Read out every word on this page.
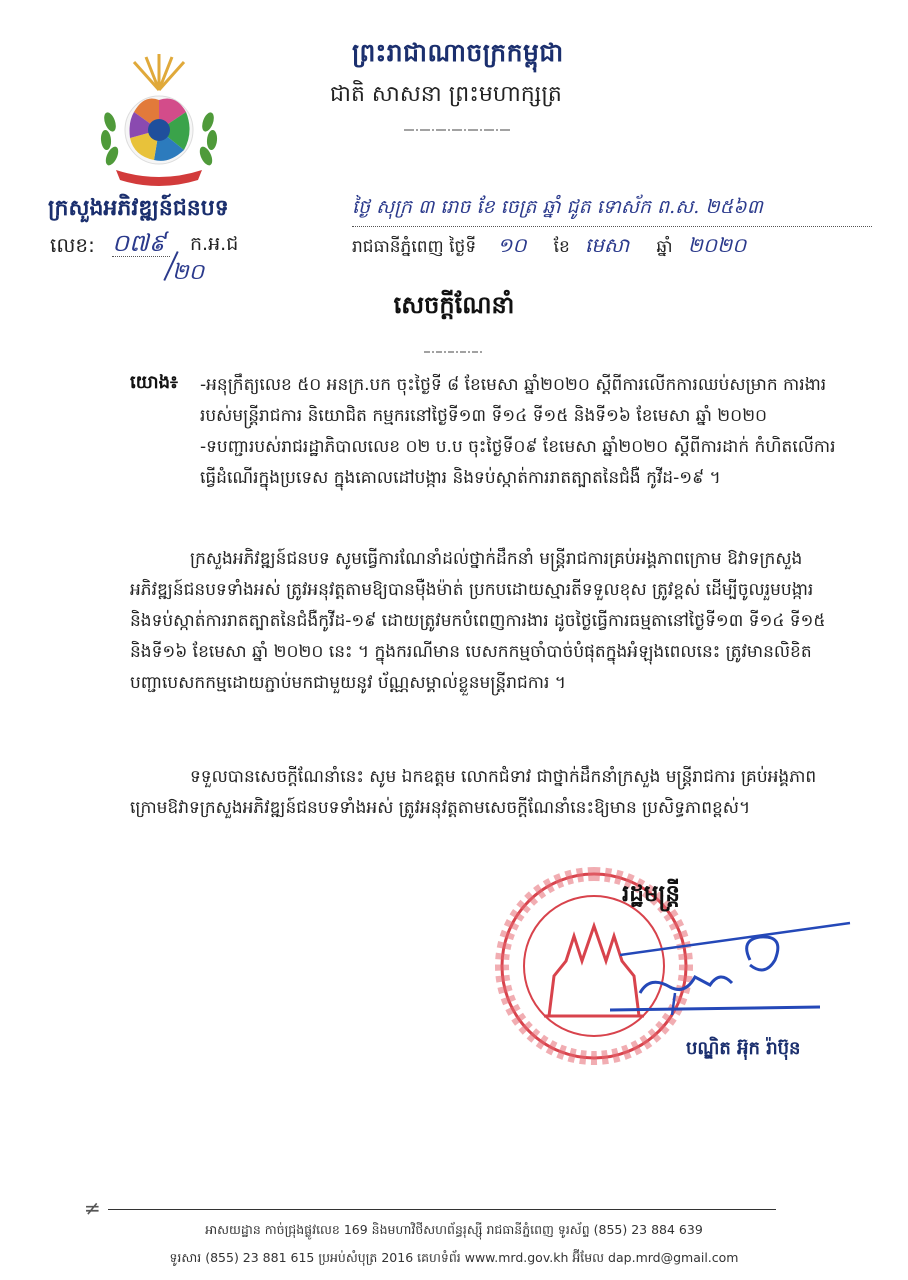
ព្រះរាជាណាចក្រកម្ពុជា
ជាតិ សាសនា ព្រះមហាក្សត្រ
ក្រសួងអភិវឌ្ឍន៍ជនបទ
លេខ: ០៧៩ ក.អ.ជ
២០
ថ្ងៃ សុក្រ ៣ រោច ខែ ចេត្រ ឆ្នាំ ជូត ទោស័ក ព.ស. ២៥៦៣
រាជធានីភ្នំពេញ ថ្ងៃទី ១០ ខែ មេសា ឆ្នាំ ២០២០
សេចក្ដីណែនាំ
យោង៖ -អនុក្រឹត្យលេខ ៥០ អនក្រ.បក ចុះថ្ងៃទី ៨ ខែមេសា ឆ្នាំ២០២០ ស្ដីពីការលើកការឈប់សម្រាក ការងាររបស់មន្ត្រីរាជការ និយោជិត កម្មករនៅថ្ងៃទី១៣ ទី១៤ ទី១៥ និងទី១៦ ខែមេសា ឆ្នាំ ២០២០
-ទបញ្ជារបស់រាជរដ្ឋាភិបាលលេខ ០២ ប.ប ចុះថ្ងៃទី០៩ ខែមេសា ឆ្នាំ២០២០ ស្ដីពីការដាក់ កំហិតលើការធ្វើដំណើរក្នុងប្រទេស ក្នុងគោលដៅបង្ការ និងទប់ស្កាត់ការរាតត្បាតនៃជំងឺ កូវីដ-១៩ ។
ក្រសួងអភិវឌ្ឍន៍ជនបទ សូមធ្វើការណែនាំដល់ថ្នាក់ដឹកនាំ មន្ត្រីរាជការគ្រប់អង្គភាពក្រោម ឱវាទក្រសួងអភិវឌ្ឍន៍ជនបទទាំងអស់ ត្រូវអនុវត្តតាមឱ្យបានម៉ឺងម៉ាត់ ប្រកបដោយស្មារតីទទួលខុស ត្រូវខ្ពស់ ដើម្បីចូលរួមបង្ការ និងទប់ស្កាត់ការរាតត្បាតនៃជំងឺកូវីដ-១៩ ដោយត្រូវមកបំពេញការងារ ដូចថ្ងៃធ្វើការធម្មតានៅថ្ងៃទី១៣ ទី១៤ ទី១៥ និងទី១៦ ខែមេសា ឆ្នាំ ២០២០ នេះ ។ ក្នុងករណីមាន បេសកកម្មចាំបាច់បំផុតក្នុងអំឡុងពេលនេះ ត្រូវមានលិខិតបញ្ជាបេសកកម្មដោយភ្ជាប់មកជាមួយនូវ ប័ណ្ណសម្គាល់ខ្លួនមន្ត្រីរាជការ ។
ទទួលបានសេចក្ដីណែនាំនេះ សូម ឯកឧត្តម លោកជំទាវ ជាថ្នាក់ដឹកនាំក្រសួង មន្ត្រីរាជការ គ្រប់អង្គភាពក្រោមឱវាទក្រសួងអភិវឌ្ឍន៍ជនបទទាំងអស់ ត្រូវអនុវត្តតាមសេចក្ដីណែនាំនេះឱ្យមាន ប្រសិទ្ធភាពខ្ពស់។
រដ្ឋមន្ត្រី
បណ្ឌិត អ៊ុក រ៉ាប៊ុន
≠
អាសយដ្ឋាន កាច់ជ្រុងផ្លូវលេខ 169 និងមហាវិថីសហព័ន្ធរុស្ស៊ី រាជធានីភ្នំពេញ ទូរស័ព្ទ (855) 23 884 639
ទូរសារ (855) 23 881 615 ប្រអប់សំបុត្រ 2016 គេហទំព័រ www.mrd.gov.kh អ៊ីមែល dap.mrd@gmail.com
